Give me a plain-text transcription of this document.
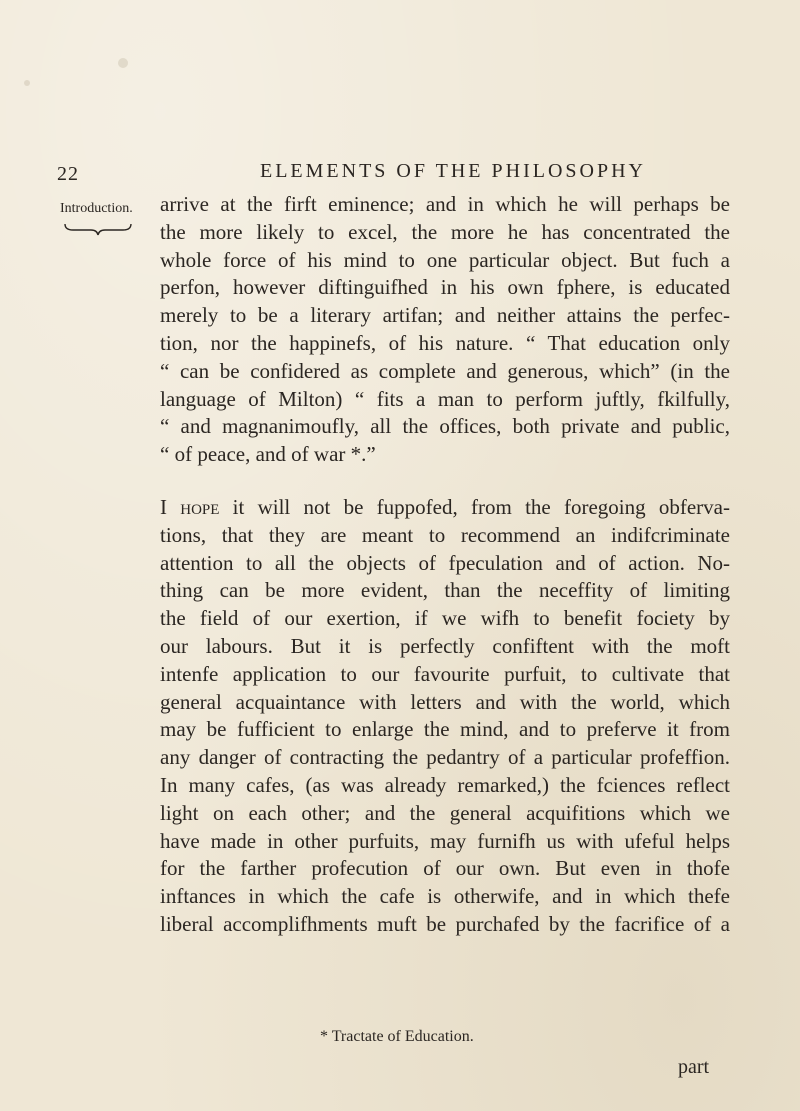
22	ELEMENTS OF THE PHILOSOPHY
Introduction. arrive at the firft eminence; and in which he will perhaps be
the more likely to excel, the more he has concentrated the
whole force of his mind to one particular object. But fuch a
perfon, however diftinguifhed in his own fphere, is educated
merely to be a literary artifan; and neither attains the perfec-
tion, nor the happinefs, of his nature. “ That education only
“ can be confidered as complete and generous, which” (in the
language of Milton) “ fits a man to perform juftly, fkilfully,
“ and magnanimoufly, all the offices, both private and public,
“ of peace, and of war *.”

I hope it will not be fuppofed, from the foregoing obferva-
tions, that they are meant to recommend an indifcriminate
attention to all the objects of fpeculation and of action. No-
thing can be more evident, than the neceffity of limiting
the field of our exertion, if we wifh to benefit fociety by
our labours. But it is perfectly confiftent with the moft
intenfe application to our favourite purfuit, to cultivate that
general acquaintance with letters and with the world, which
may be fufficient to enlarge the mind, and to preferve it from
any danger of contracting the pedantry of a particular profeffion.
In many cafes, (as was already remarked,) the fciences reflect
light on each other; and the general acquifitions which we
have made in other purfuits, may furnifh us with ufeful helps
for the farther profecution of our own. But even in thofe
inftances in which the cafe is otherwife, and in which thefe
liberal accomplifhments muft be purchafed by the facrifice of a

* Tractate of Education.
part
